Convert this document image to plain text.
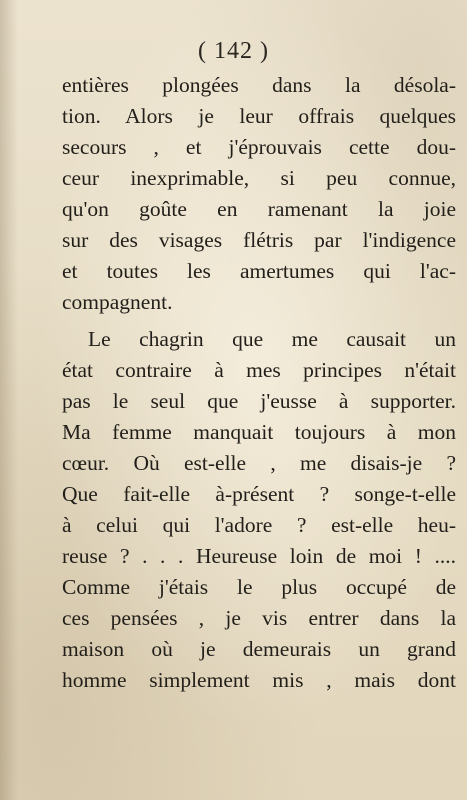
( 142 )
entières plongées dans la désola-
tion. Alors je leur offrais quelques
secours , et j'éprouvais cette dou-
ceur inexprimable, si peu connue,
qu'on goûte en ramenant la joie
sur des visages flétris par l'indigence
et toutes les amertumes qui l'ac-
compagnent.
Le chagrin que me causait un
état contraire à mes principes n'était
pas le seul que j'eusse à supporter.
Ma femme manquait toujours à mon
cœur. Où est-elle , me disais-je ?
Que fait-elle à-présent ? songe-t-elle
à celui qui l'adore ? est-elle heu-
reuse ? . . . Heureuse loin de moi ! ....
Comme j'étais le plus occupé de
ces pensées , je vis entrer dans la
maison où je demeurais un grand
homme simplement mis , mais dont
